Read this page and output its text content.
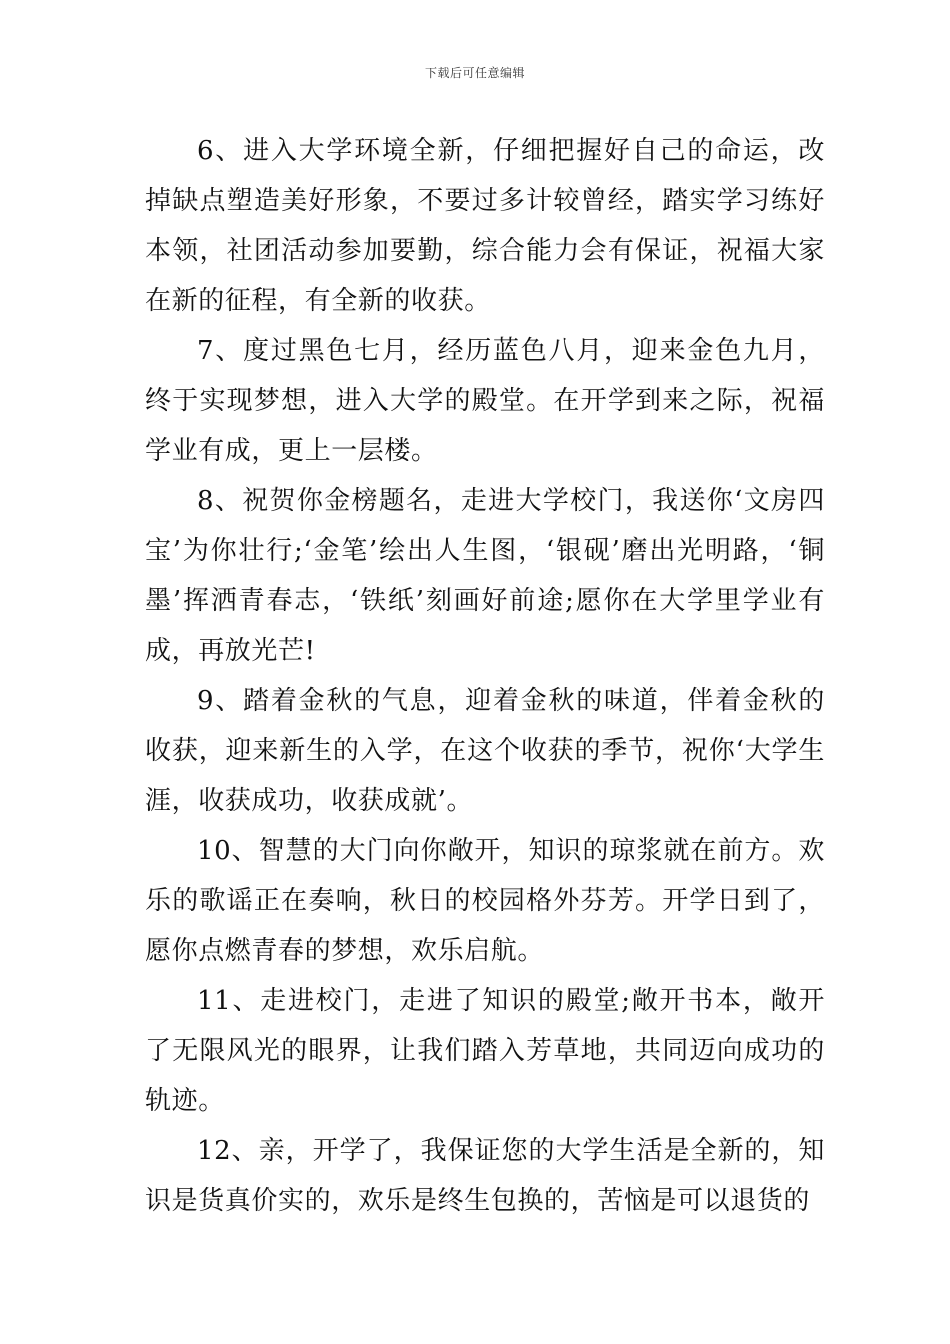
下载后可任意编辑

6、进入大学环境全新，仔细把握好自己的命运，改掉缺点塑造美好形象，不要过多计较曾经，踏实学习练好本领，社团活动参加要勤，综合能力会有保证，祝福大家在新的征程，有全新的收获。

7、度过黑色七月，经历蓝色八月，迎来金色九月，终于实现梦想，进入大学的殿堂。在开学到来之际，祝福学业有成，更上一层楼。

8、祝贺你金榜题名，走进大学校门，我送你‘文房四宝’为你壮行;‘金笔’绘出人生图，‘银砚’磨出光明路，‘铜墨’挥洒青春志，‘铁纸’刻画好前途;愿你在大学里学业有成，再放光芒!

9、踏着金秋的气息，迎着金秋的味道，伴着金秋的收获，迎来新生的入学，在这个收获的季节，祝你‘大学生涯，收获成功，收获成就’。

10、智慧的大门向你敞开，知识的琼浆就在前方。欢乐的歌谣正在奏响，秋日的校园格外芬芳。开学日到了，愿你点燃青春的梦想，欢乐启航。

11、走进校门，走进了知识的殿堂;敞开书本，敞开了无限风光的眼界，让我们踏入芳草地，共同迈向成功的轨迹。

12、亲，开学了，我保证您的大学生活是全新的，知识是货真价实的，欢乐是终生包换的，苦恼是可以退货的
